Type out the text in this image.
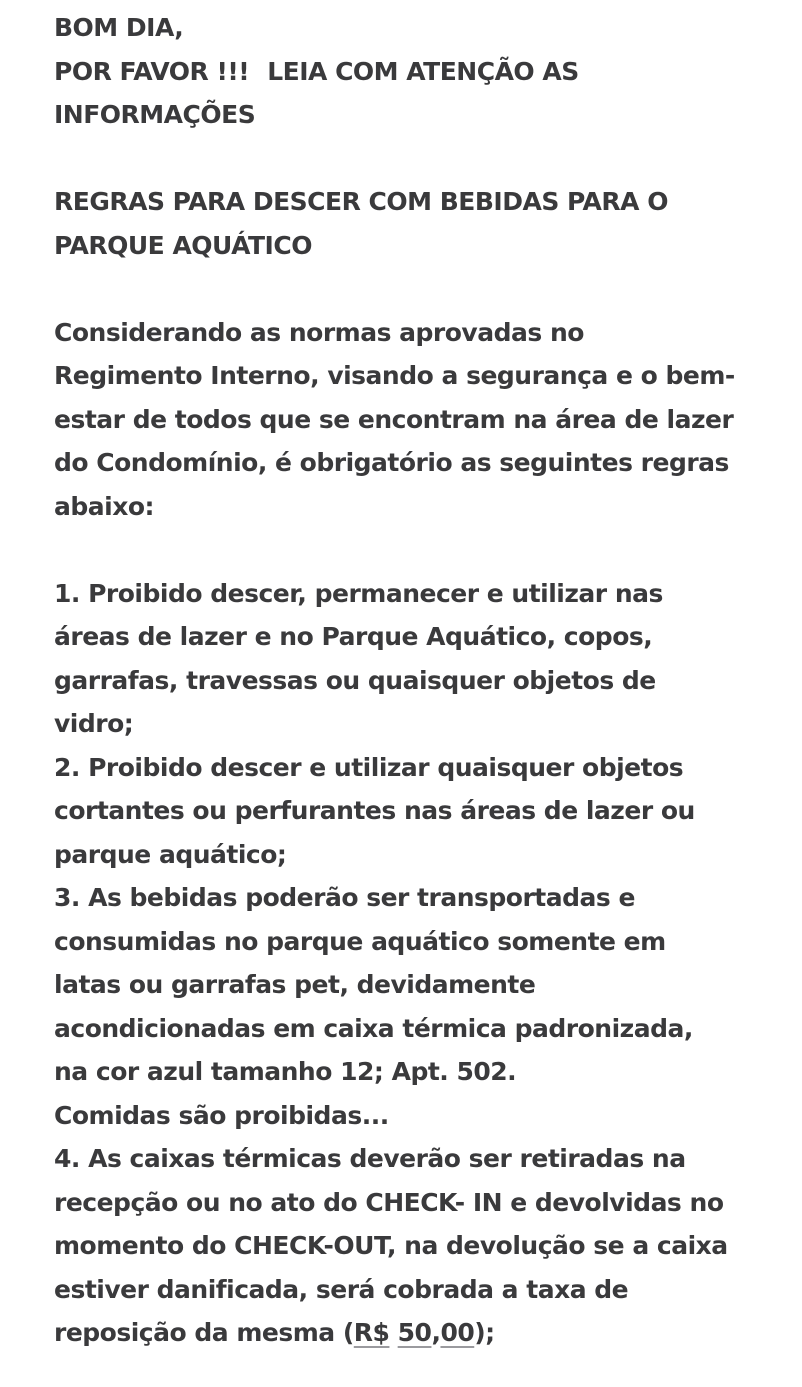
BOM DIA,
POR FAVOR !!! LEIA COM ATENÇÃO AS
INFORMAÇÕES
REGRAS PARA DESCER COM BEBIDAS PARA O
PARQUE AQUÁTICO
Considerando as normas aprovadas no
Regimento Interno, visando a segurança e o bem-
estar de todos que se encontram na área de lazer
do Condomínio, é obrigatório as seguintes regras
abaixo:
1. Proibido descer, permanecer e utilizar nas
áreas de lazer e no Parque Aquático, copos,
garrafas, travessas ou quaisquer objetos de
vidro;
2. Proibido descer e utilizar quaisquer objetos
cortantes ou perfurantes nas áreas de lazer ou
parque aquático;
3. As bebidas poderão ser transportadas e
consumidas no parque aquático somente em
latas ou garrafas pet, devidamente
acondicionadas em caixa térmica padronizada,
na cor azul tamanho 12; Apt. 502.
Comidas são proibidas...
4. As caixas térmicas deverão ser retiradas na
recepção ou no ato do CHECK- IN e devolvidas no
momento do CHECK-OUT, na devolução se a caixa
estiver danificada, será cobrada a taxa de
reposição da mesma (R$ 50,00);
